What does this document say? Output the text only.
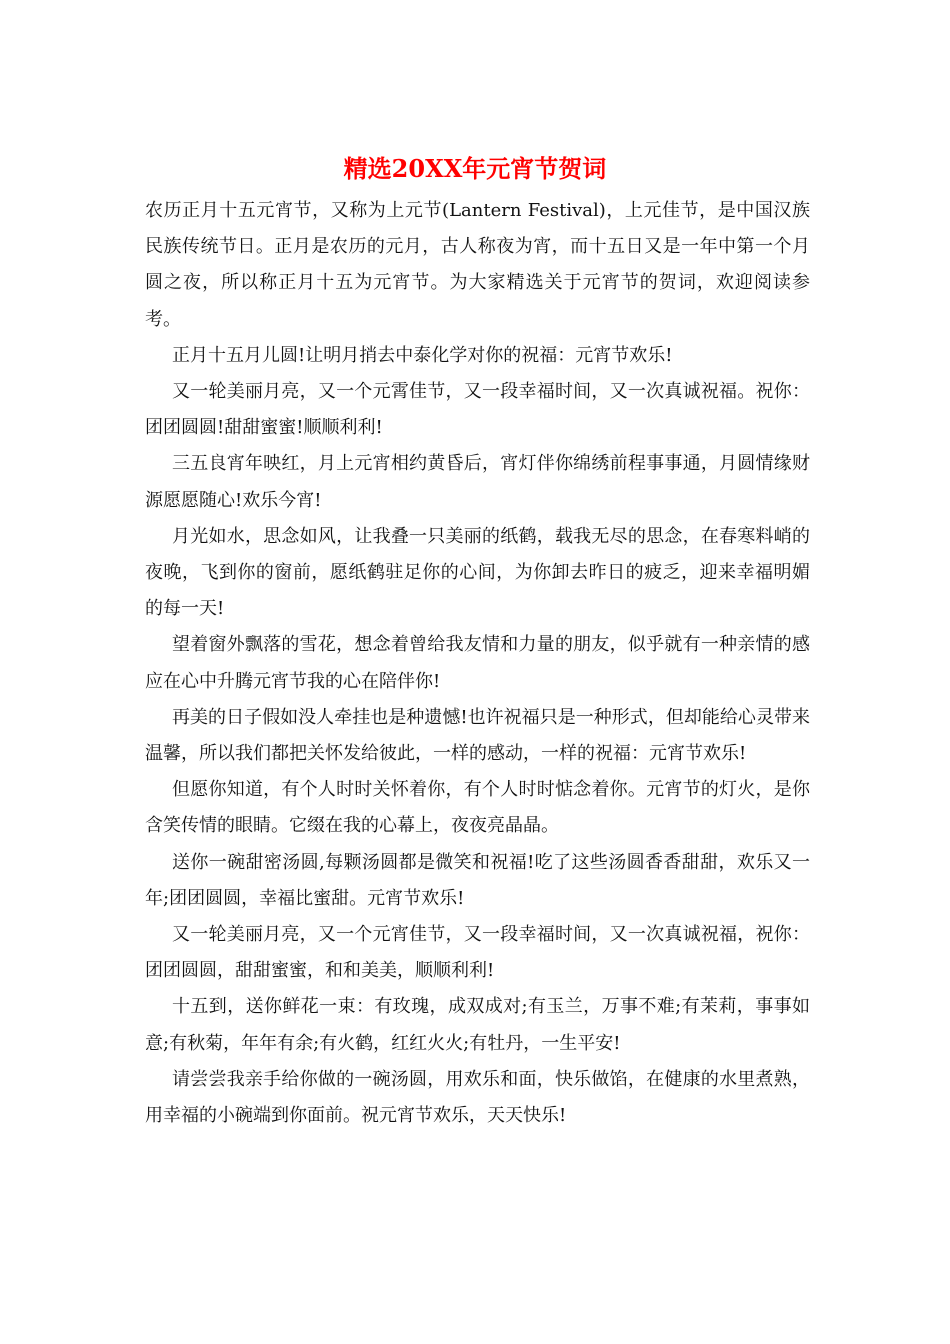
精选20XX年元宵节贺词

农历正月十五元宵节，又称为上元节(Lantern Festival)，上元佳节，是中国汉族民族传统节日。正月是农历的元月，古人称夜为宵，而十五日又是一年中第一个月圆之夜，所以称正月十五为元宵节。为大家精选关于元宵节的贺词，欢迎阅读参考。

正月十五月儿圆!让明月捎去中泰化学对你的祝福：元宵节欢乐!

又一轮美丽月亮，又一个元霄佳节，又一段幸福时间，又一次真诚祝福。祝你：团团圆圆!甜甜蜜蜜!顺顺利利!

三五良宵年映红，月上元宵相约黄昏后，宵灯伴你绵绣前程事事通，月圆情缘财源愿愿随心!欢乐今宵!

月光如水，思念如风，让我叠一只美丽的纸鹤，载我无尽的思念，在春寒料峭的夜晚，飞到你的窗前，愿纸鹤驻足你的心间，为你卸去昨日的疲乏，迎来幸福明媚的每一天!

望着窗外飘落的雪花，想念着曾给我友情和力量的朋友，似乎就有一种亲情的感应在心中升腾元宵节我的心在陪伴你!

再美的日子假如没人牵挂也是种遗憾!也许祝福只是一种形式，但却能给心灵带来温馨，所以我们都把关怀发给彼此，一样的感动，一样的祝福：元宵节欢乐!

但愿你知道，有个人时时关怀着你，有个人时时惦念着你。元宵节的灯火，是你含笑传情的眼睛。它缀在我的心幕上，夜夜亮晶晶。

送你一碗甜密汤圆,每颗汤圆都是微笑和祝福!吃了这些汤圆香香甜甜，欢乐又一年;团团圆圆，幸福比蜜甜。元宵节欢乐!

又一轮美丽月亮，又一个元宵佳节，又一段幸福时间，又一次真诚祝福，祝你：团团圆圆，甜甜蜜蜜，和和美美，顺顺利利!

十五到，送你鲜花一束：有玫瑰，成双成对;有玉兰，万事不难;有茉莉，事事如意;有秋菊，年年有余;有火鹤，红红火火;有牡丹，一生平安!

请尝尝我亲手给你做的一碗汤圆，用欢乐和面，快乐做馅，在健康的水里煮熟，用幸福的小碗端到你面前。祝元宵节欢乐，天天快乐!
